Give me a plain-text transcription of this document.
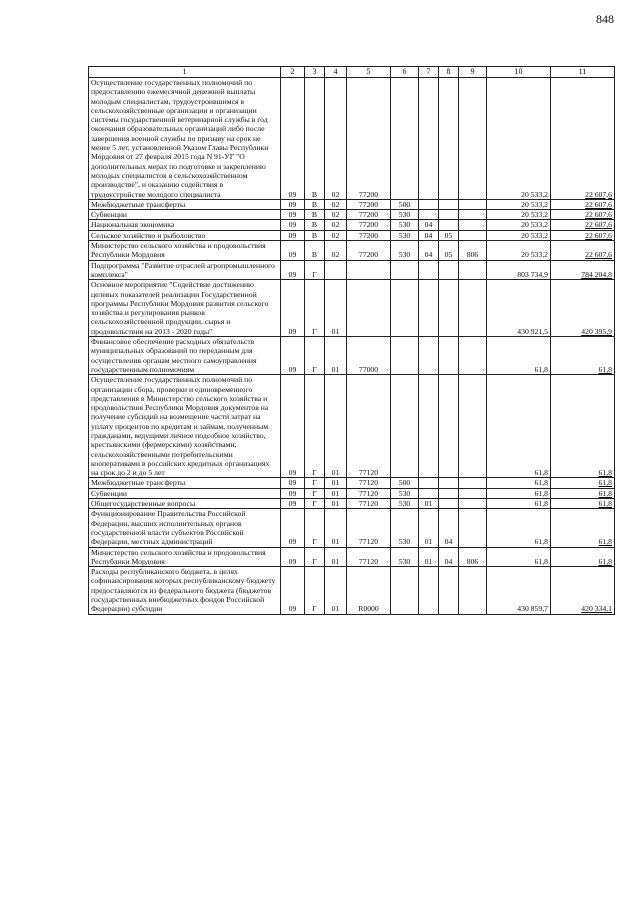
848
1	2	3	4	5	6	7	8	9	10	11
Осуществление государственных полномочий по предоставлению ежемесячной денежной выплаты молодым специалистам, трудоустроившимся в сельскохозяйственные организации и организации системы государственной ветеринарной службы в год окончания образовательных организаций либо после завершения военной службы по призыву на срок не менее 5 лет, установленной Указом Главы Республики Мордовия от 27 февраля 2015 года N 91-УГ "О дополнительных мерах по подготовке и закреплению молодых специалистов в сельскохозяйственном производстве", и оказанию содействия в трудоустройстве молодого специалиста	09	В	02	77200					20 533,2	22 607,6
Межбюджетные трансферты	09	В	02	77200	500				20 533,2	22 607,6
Субвенции	09	В	02	77200	530				20 533,2	22 607,6
Национальная экономика	09	В	02	77200	530	04			20 533,2	22 607,6
Сельское хозяйство и рыболовство	09	В	02	77200	530	04	05		20 533,2	22 607,6
Министерство сельского хозяйства и продовольствия Республики Мордовия	09	В	02	77200	530	04	05	806	20 533,2	22 607,6
Подпрограмма "Развитие отраслей агропромышленного комплекса"	09	Г							803 734,9	784 204,8
Основное мероприятие "Содействие достижению целевых показателей реализации Государственной программы Республики Мордовия развития сельского хозяйства и регулирования рынков сельскохозяйственной продукции, сырья и продовольствия на 2013 - 2020 годы"	09	Г	01						430 921,5	420 395,9
Финансовое обеспечение расходных обязательств муниципальных образований по переданным для осуществления органам местного самоуправления государственным полномочиям	09	Г	01	77000					61,8	61,8
Осуществление государственных полномочий по организации сбора, проверки и единовременного представления в Министерство сельского хозяйства и продовольствия Республики Мордовия документов на получение субсидий на возмещение части затрат на уплату процентов по кредитам и займам, полученным гражданами, ведущими личное подсобное хозяйство, крестьянскими (фермерскими) хозяйствами, сельскохозяйственными потребительскими кооперативами в российских кредитных организациях на срок до 2 и до 5 лет	09	Г	01	77120					61,8	61,8
Межбюджетные трансферты	09	Г	01	77120	500				61,8	61,8
Субвенции	09	Г	01	77120	530				61,8	61,8
Общегосударственные вопросы	09	Г	01	77120	530	01			61,8	61,8
Функционирование Правительства Российской Федерации, высших исполнительных органов государственной власти субъектов Российской Федерации, местных администраций	09	Г	01	77120	530	01	04		61,8	61,8
Министерство сельского хозяйства и продовольствия Республики Мордовия	09	Г	01	77120	530	01	04	806	61,8	61,8
Расходы республиканского бюджета, в целях софинансирования которых республиканскому бюджету предоставляются из федерального бюджета (бюджетов государственных внебюджетных фондов Российской Федерации) субсидии	09	Г	01	R0000					430 859,7	420 334,1
